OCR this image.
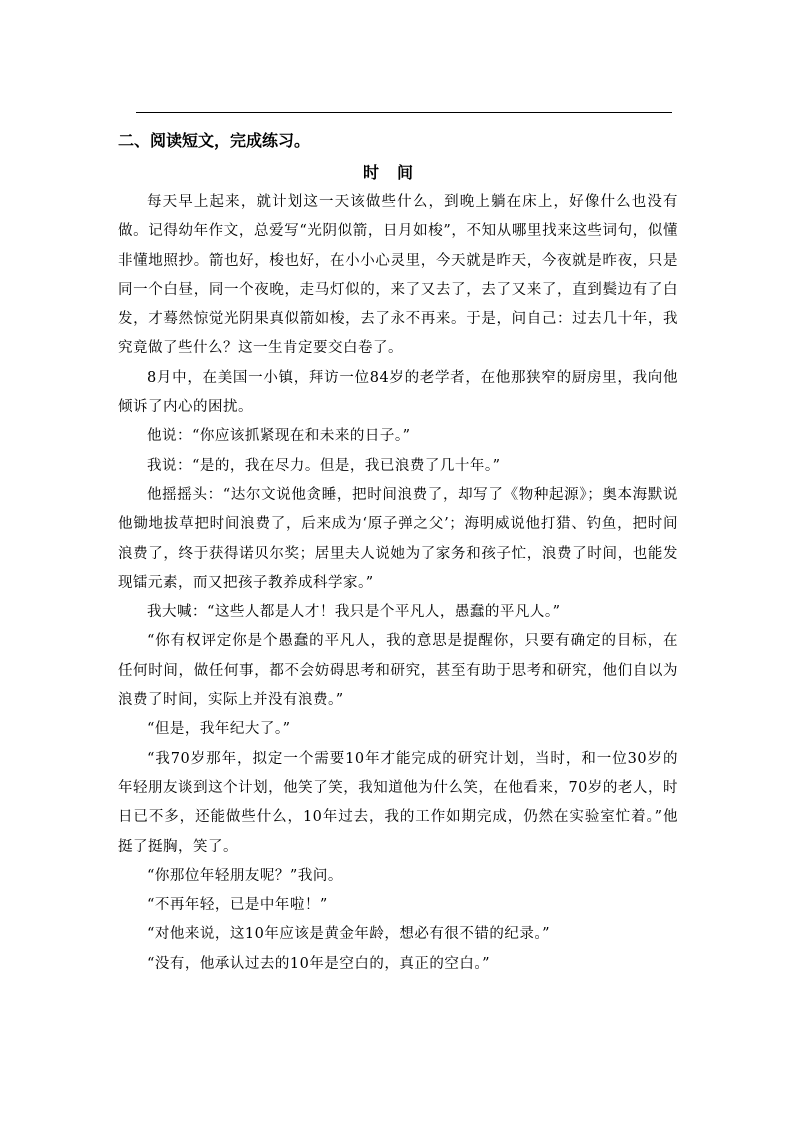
二、阅读短文，完成练习。
时间

每天早上起来，就计划这一天该做些什么，到晚上躺在床上，好像什么也没有做。记得幼年作文，总爱写“光阴似箭，日月如梭”，不知从哪里找来这些词句，似懂非懂地照抄。箭也好，梭也好，在小小心灵里，今天就是昨天，今夜就是昨夜，只是同一个白昼，同一个夜晚，走马灯似的，来了又去了，去了又来了，直到鬓边有了白发，才蓦然惊觉光阴果真似箭如梭，去了永不再来。于是，问自己：过去几十年，我究竟做了些什么？这一生肯定要交白卷了。

8月中，在美国一小镇，拜访一位84岁的老学者，在他那狭窄的厨房里，我向他倾诉了内心的困扰。

他说：“你应该抓紧现在和未来的日子。”

我说：“是的，我在尽力。但是，我已浪费了几十年。”

他摇摇头：“达尔文说他贪睡，把时间浪费了，却写了《物种起源》；奥本海默说他锄地拔草把时间浪费了，后来成为‘原子弹之父’；海明威说他打猎、钓鱼，把时间浪费了，终于获得诺贝尔奖；居里夫人说她为了家务和孩子忙，浪费了时间，也能发现镭元素，而又把孩子教养成科学家。”

我大喊：“这些人都是人才！我只是个平凡人，愚蠢的平凡人。”

“你有权评定你是个愚蠢的平凡人，我的意思是提醒你，只要有确定的目标，在任何时间，做任何事，都不会妨碍思考和研究，甚至有助于思考和研究，他们自以为浪费了时间，实际上并没有浪费。”

“但是，我年纪大了。”

“我70岁那年，拟定一个需要10年才能完成的研究计划，当时，和一位30岁的年轻朋友谈到这个计划，他笑了笑，我知道他为什么笑，在他看来，70岁的老人，时日已不多，还能做些什么，10年过去，我的工作如期完成，仍然在实验室忙着。”他挺了挺胸，笑了。

“你那位年轻朋友呢？”我问。

“不再年轻，已是中年啦！”

“对他来说，这10年应该是黄金年龄，想必有很不错的纪录。”

“没有，他承认过去的10年是空白的，真正的空白。”
